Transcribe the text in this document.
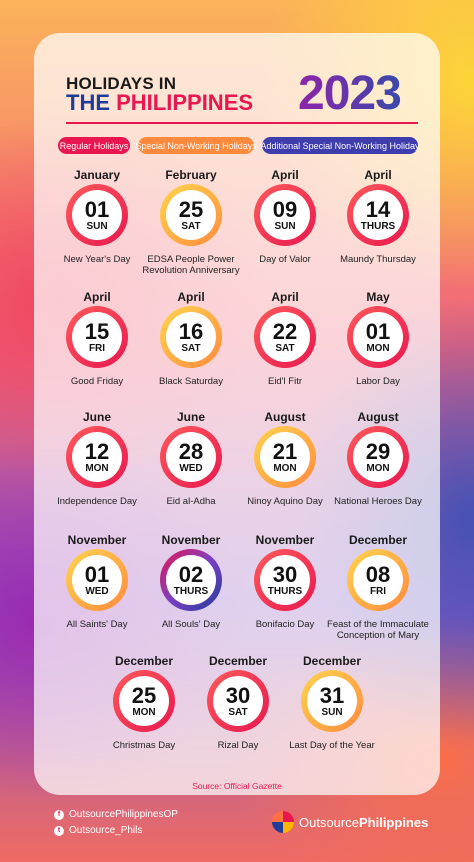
HOLIDAYS IN
THE PHILIPPINES 2023
Regular Holidays Special Non-Working Holidays Additional Special Non-Working Holiday
January
01
SUN
New Year's Day
February
25
SAT
EDSA People Power Revolution Anniversary
April
09
SUN
Day of Valor
April
14
THURS
Maundy Thursday
April
15
FRI
Good Friday
April
16
SAT
Black Saturday
April
22
SAT
Eid'l Fitr
May
01
MON
Labor Day
June
12
MON
Independence Day
June
28
WED
Eid al-Adha
August
21
MON
Ninoy Aquino Day
August
29
MON
National Heroes Day
November
01
WED
All Saints' Day
November
02
THURS
All Souls' Day
November
30
THURS
Bonifacio Day
December
08
FRI
Feast of the Immaculate Conception of Mary
December
25
MON
Christmas Day
December
30
SAT
Rizal Day
December
31
SUN
Last Day of the Year
Source: Official Gazette
f OutsourcePhilippinesOP
t Outsource_Phils
OutsourcePhilippines
